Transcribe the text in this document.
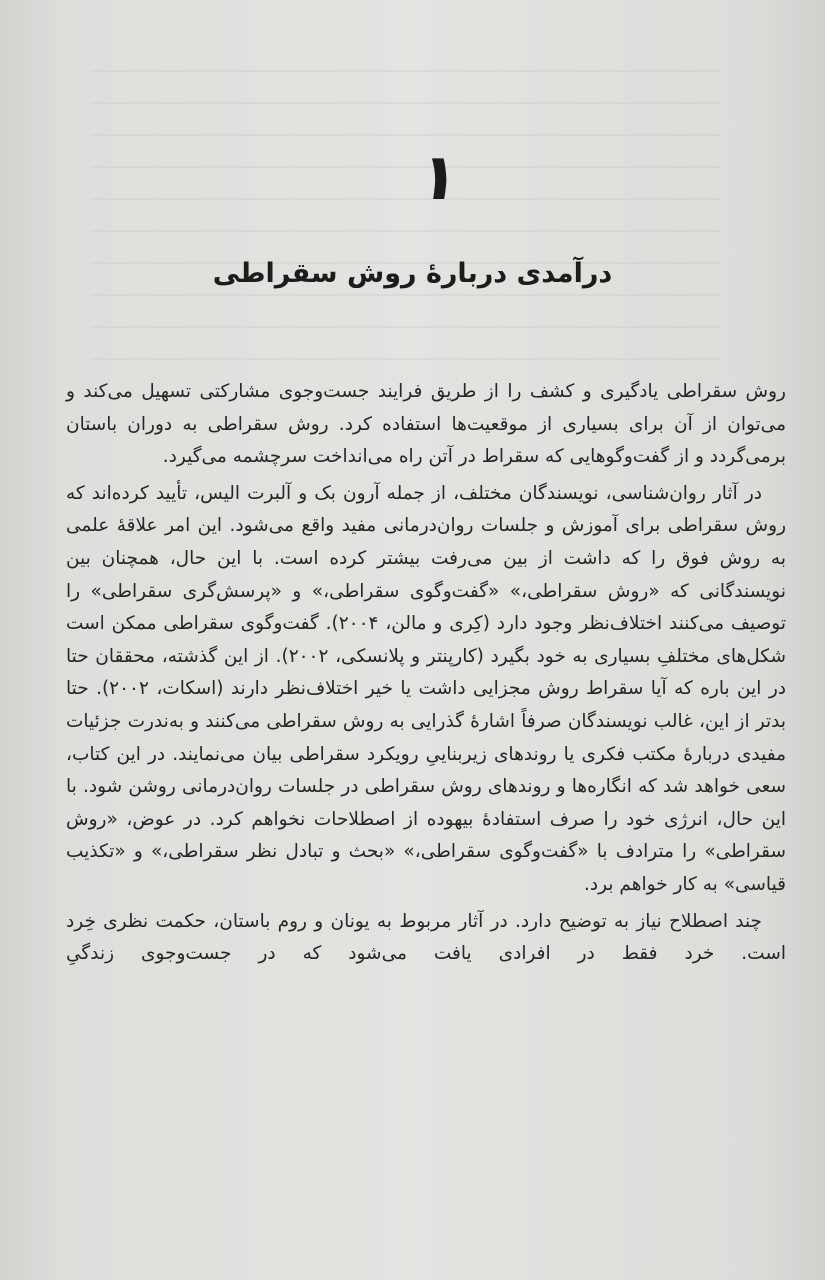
۱
درآمدی دربارهٔ روش سقراطی

روش سقراطی یادگیری و کشف را از طریق فرایند جست‌وجوی مشارکتی تسهیل می‌کند و می‌توان از آن برای بسیاری از موقعیت‌ها استفاده کرد. روش سقراطی به دوران باستان برمی‌گردد و از گفت‌وگوهایی که سقراط در آتن راه می‌انداخت سرچشمه می‌گیرد.

در آثار روان‌شناسی، نویسندگان مختلف، از جمله آرون بک و آلبرت الیس، تأیید کرده‌اند که روش سقراطی برای آموزش و جلسات روان‌درمانی مفید واقع می‌شود. این امر علاقهٔ علمی به روش فوق را که داشت از بین می‌رفت بیشتر کرده است. با این حال، همچنان بین نویسندگانی که «روش سقراطی،» «گفت‌وگوی سقراطی،» و «پرسش‌گری سقراطی» را توصیف می‌کنند اختلاف‌نظر وجود دارد (کِری و مالن، ۲۰۰۴). گفت‌وگوی سقراطی ممکن است شکل‌های مختلفِ بسیاری به خود بگیرد (کارپنتر و پلانسکی، ۲۰۰۲). از این گذشته، محققان حتا در این باره که آیا سقراط روش مجزایی داشت یا خیر اختلاف‌نظر دارند (اسکات، ۲۰۰۲). حتا بدتر از این، غالب نویسندگان صرفاً اشارهٔ گذرایی به روش سقراطی می‌کنند و به‌ندرت جزئیات مفیدی دربارهٔ مکتب فکری یا روندهای زیربناییِ رویکرد سقراطی بیان می‌نمایند. در این کتاب، سعی خواهد شد که انگاره‌ها و روندهای روش سقراطی در جلسات روان‌درمانی روشن شود. با این حال، انرژی خود را صرف استفادهٔ بیهوده از اصطلاحات نخواهم کرد. در عوض، «روش سقراطی» را مترادف با «گفت‌وگوی سقراطی،» «بحث و تبادل نظر سقراطی،» و «تکذیب قیاسی» به کار خواهم برد.

چند اصطلاح نیاز به توضیح دارد. در آثار مربوط به یونان و روم باستان، حکمت نظری خِرد است. خرد فقط در افرادی یافت می‌شود که در جست‌وجوی زندگیِ
